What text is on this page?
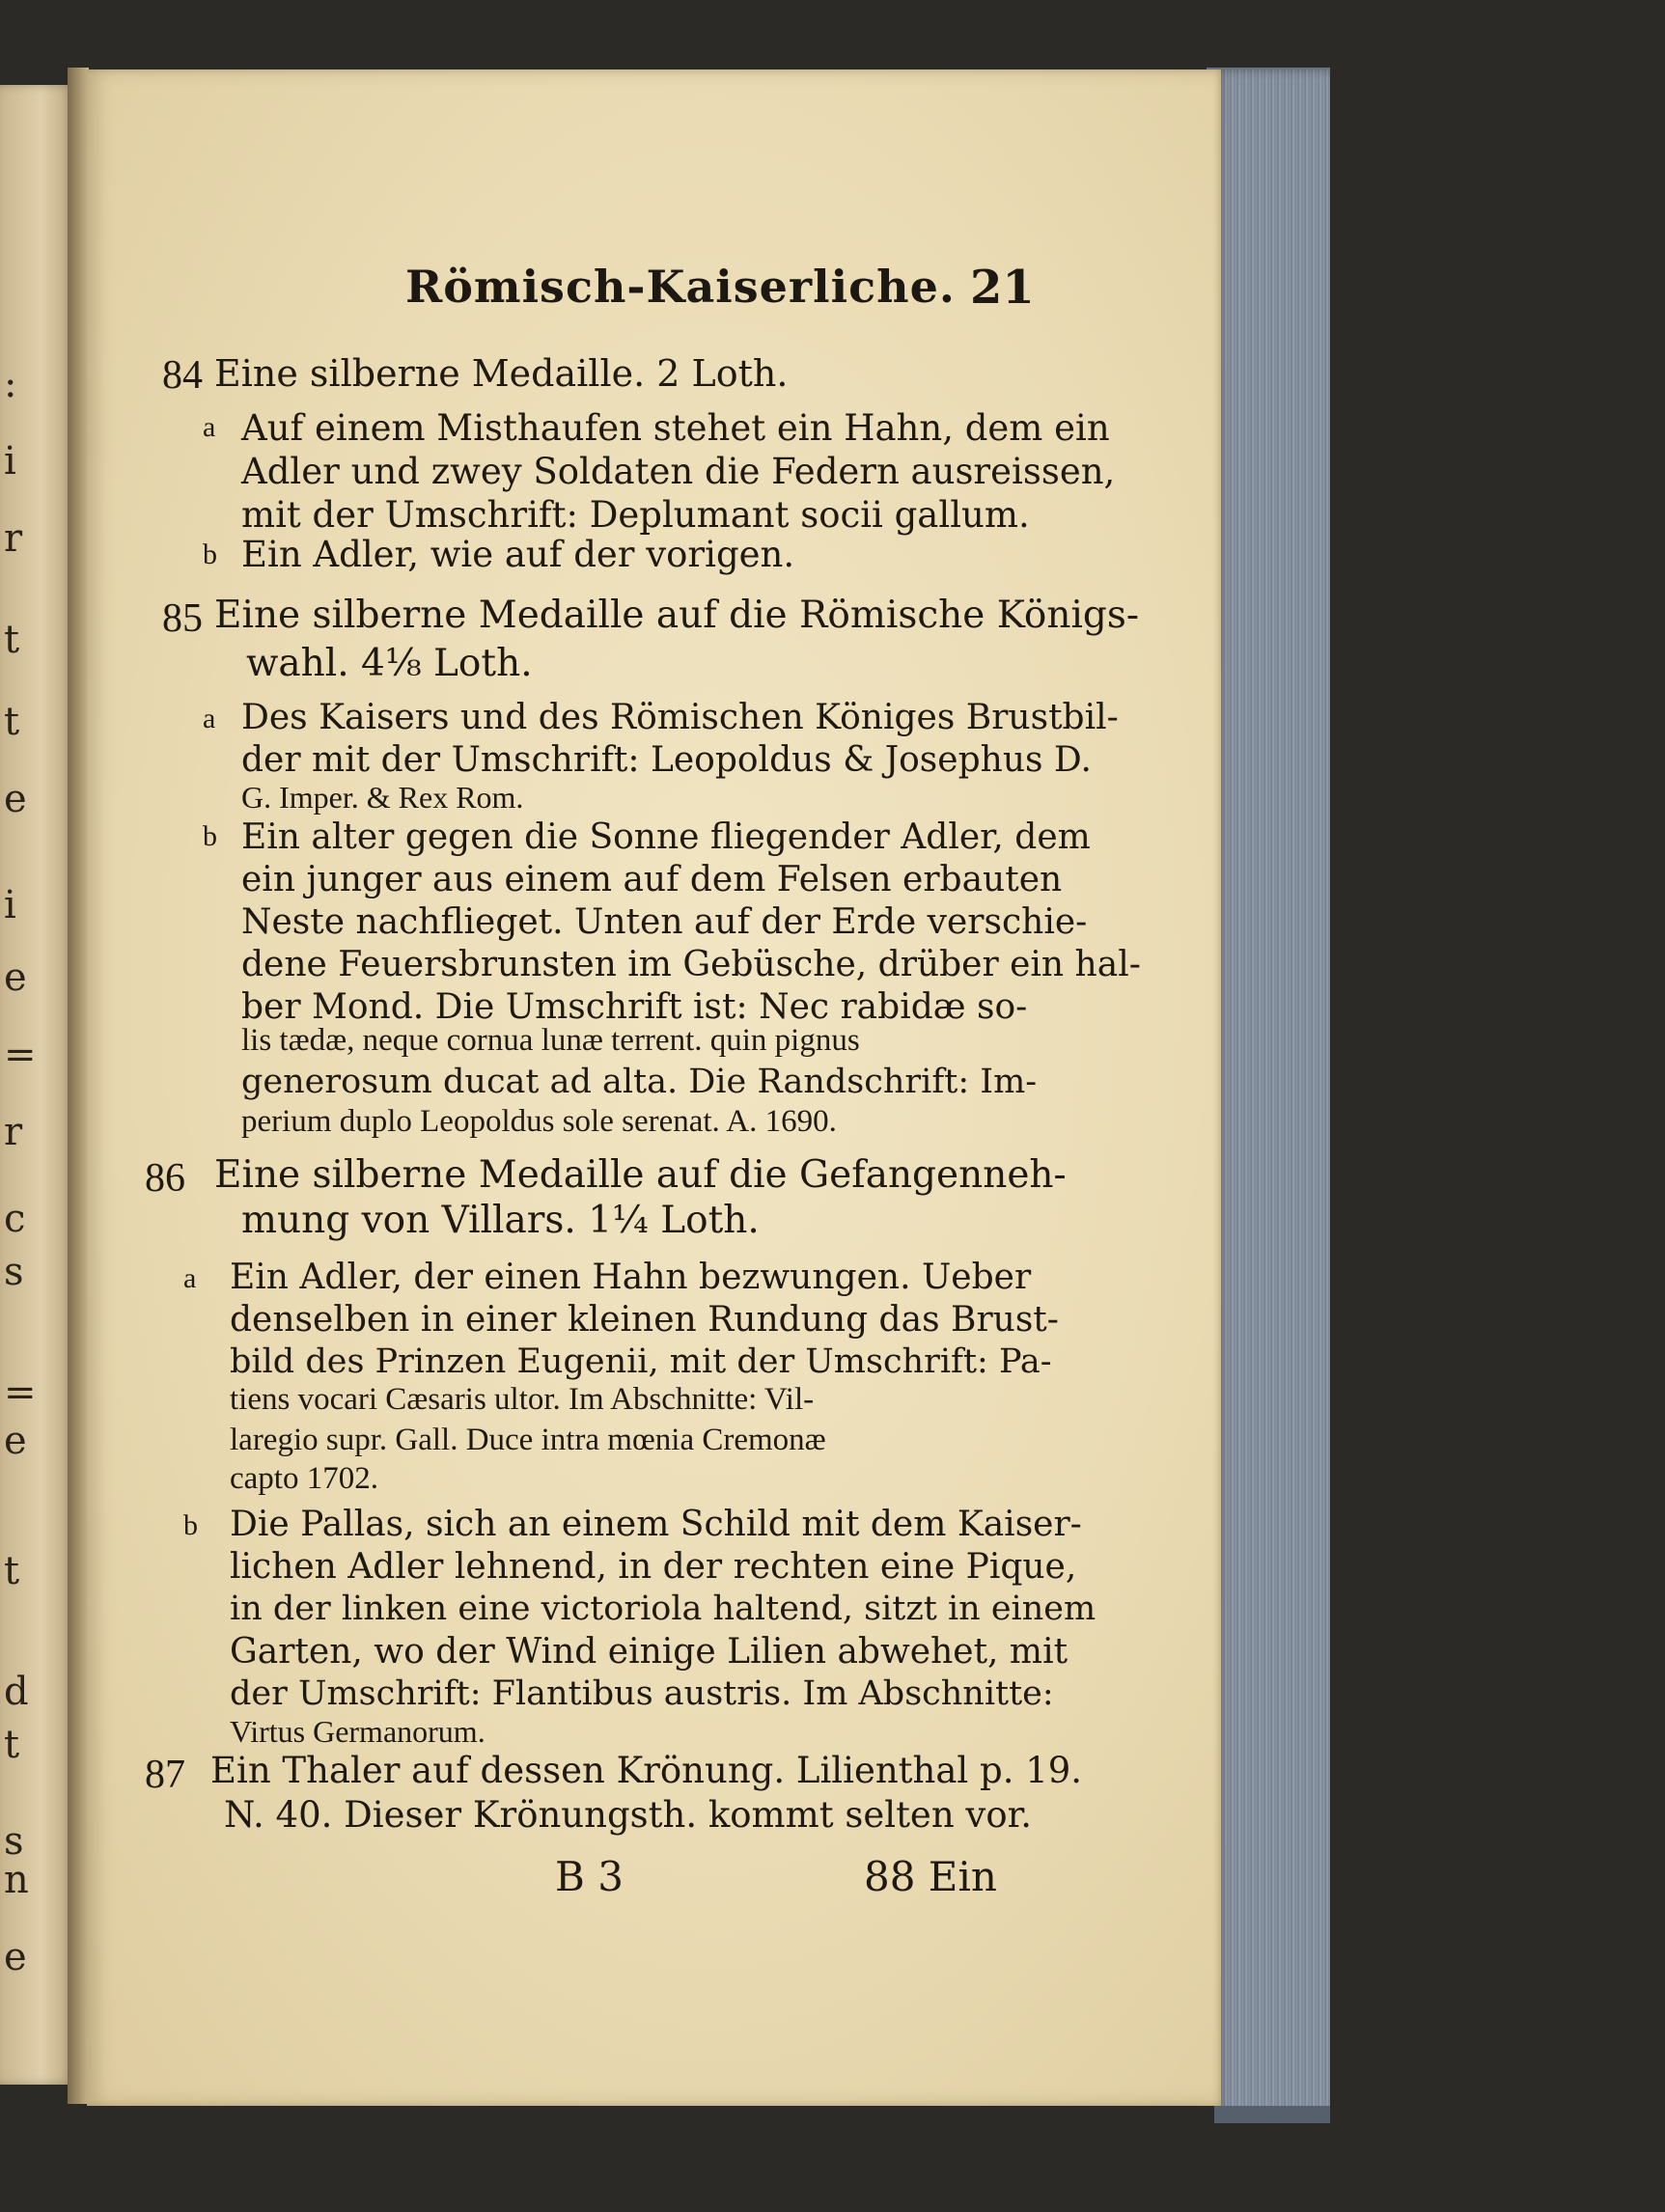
:
i
r
t
t
e
i
e
=
r
c
s
=
e
t
d
t
s
n
e
Römisch-Kaiserliche. 21
84 Eine silberne Medaille. 2 Loth.
a Auf einem Misthaufen stehet ein Hahn, dem ein
Adler und zwey Soldaten die Federn ausreissen,
mit der Umschrift: Deplumant socii gallum.
b Ein Adler, wie auf der vorigen.
85 Eine silberne Medaille auf die Römische Königs-
wahl. 4⅛ Loth.
a Des Kaisers und des Römischen Königes Brustbil-
der mit der Umschrift: Leopoldus & Josephus D.
G. Imper. & Rex Rom.
b Ein alter gegen die Sonne fliegender Adler, dem
ein junger aus einem auf dem Felsen erbauten
Neste nachflieget. Unten auf der Erde verschie-
dene Feuersbrunsten im Gebüsche, drüber ein hal-
ber Mond. Die Umschrift ist: Nec rabidæ so-
lis tædæ, neque cornua lunæ terrent. quin pignus
generosum ducat ad alta. Die Randschrift: Im-
perium duplo Leopoldus sole serenat. A. 1690.
86 Eine silberne Medaille auf die Gefangenneh-
mung von Villars. 1¼ Loth.
a Ein Adler, der einen Hahn bezwungen. Ueber
denselben in einer kleinen Rundung das Brust-
bild des Prinzen Eugenii, mit der Umschrift: Pa-
tiens vocari Cæsaris ultor. Im Abschnitte: Vil-
laregio supr. Gall. Duce intra mœnia Cremonæ
capto 1702.
b Die Pallas, sich an einem Schild mit dem Kaiser-
lichen Adler lehnend, in der rechten eine Pique,
in der linken eine victoriola haltend, sitzt in einem
Garten, wo der Wind einige Lilien abwehet, mit
der Umschrift: Flantibus austris. Im Abschnitte:
Virtus Germanorum.
87 Ein Thaler auf dessen Krönung. Lilienthal p. 19.
N. 40. Dieser Krönungsth. kommt selten vor.
B 3	88 Ein
